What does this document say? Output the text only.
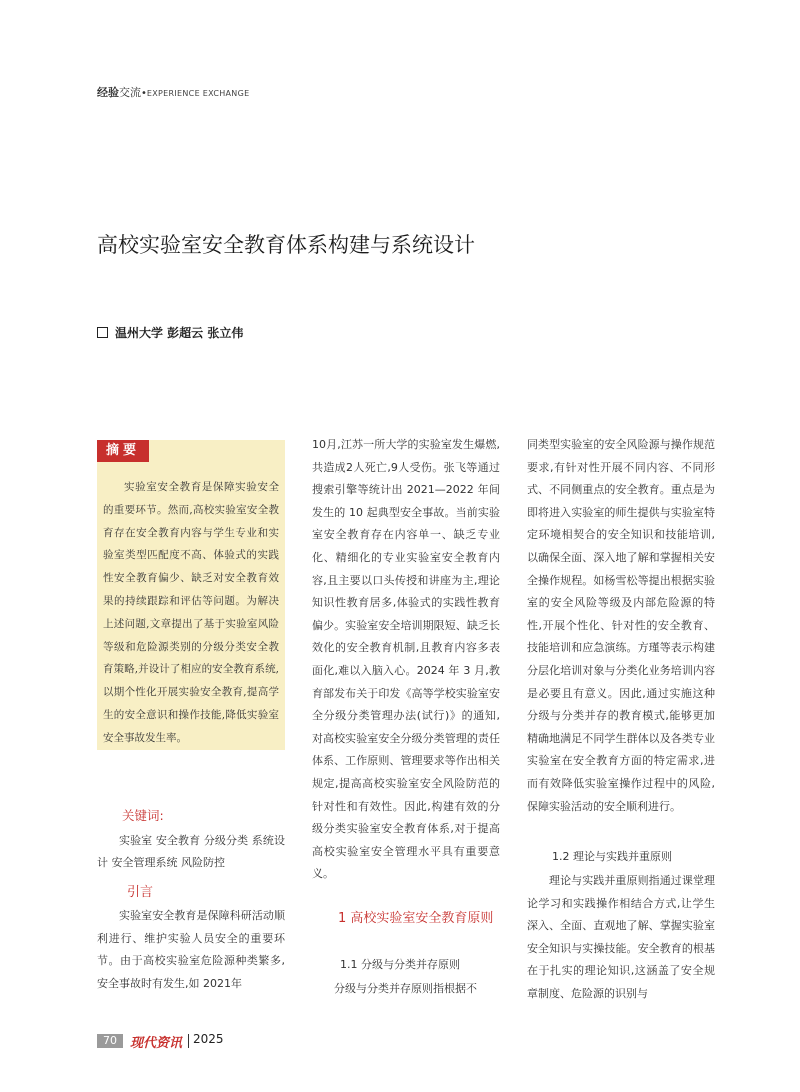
经验交流•EXPERIENCE EXCHANGE
高校实验室安全教育体系构建与系统设计
温州大学 彭超云 张立伟
摘要
实验室安全教育是保障实验安全的重要环节。然而,高校实验室安全教育存在安全教育内容与学生专业和实验室类型匹配度不高、体验式的实践性安全教育偏少、缺乏对安全教育效果的持续跟踪和评估等问题。为解决上述问题,文章提出了基于实验室风险等级和危险源类别的分级分类安全教育策略,并设计了相应的安全教育系统,以期个性化开展实验安全教育,提高学生的安全意识和操作技能,降低实验室安全事故发生率。
关键词:
实验室 安全教育 分级分类 系统设计 安全管理系统 风险防控
引言
实验室安全教育是保障科研活动顺利进行、维护实验人员安全的重要环节。由于高校实验室危险源种类繁多,安全事故时有发生,如 2021年
10月,江苏一所大学的实验室发生爆燃,共造成2人死亡,9人受伤。张飞等通过搜索引擎等统计出 2021—2022 年间发生的 10 起典型安全事故。当前实验室安全教育存在内容单一、缺乏专业化、精细化的专业实验室安全教育内容,且主要以口头传授和讲座为主,理论知识性教育居多,体验式的实践性教育偏少。实验室安全培训期限短、缺乏长效化的安全教育机制,且教育内容多表面化,难以入脑入心。2024 年 3 月,教育部发布关于印发《高等学校实验室安全分级分类管理办法(试行)》的通知,对高校实验室安全分级分类管理的责任体系、工作原则、管理要求等作出相关规定,提高高校实验室安全风险防范的针对性和有效性。因此,构建有效的分级分类实验室安全教育体系,对于提高高校实验室安全管理水平具有重要意义。
1 高校实验室安全教育原则
1.1 分级与分类并存原则
分级与分类并存原则指根据不
同类型实验室的安全风险源与操作规范要求,有针对性开展不同内容、不同形式、不同侧重点的安全教育。重点是为即将进入实验室的师生提供与实验室特定环境相契合的安全知识和技能培训,以确保全面、深入地了解和掌握相关安全操作规程。如杨雪松等提出根据实验室的安全风险等级及内部危险源的特性,开展个性化、针对性的安全教育、技能培训和应急演练。方瑾等表示构建分层化培训对象与分类化业务培训内容是必要且有意义。因此,通过实施这种分级与分类并存的教育模式,能够更加精确地满足不同学生群体以及各类专业实验室在安全教育方面的特定需求,进而有效降低实验室操作过程中的风险,保障实验活动的安全顺利进行。
1.2 理论与实践并重原则
理论与实践并重原则指通过课堂理论学习和实践操作相结合方式,让学生深入、全面、直观地了解、掌握实验室安全知识与实操技能。安全教育的根基在于扎实的理论知识,这涵盖了安全规章制度、危险源的识别与
70	现代资讯 2025
